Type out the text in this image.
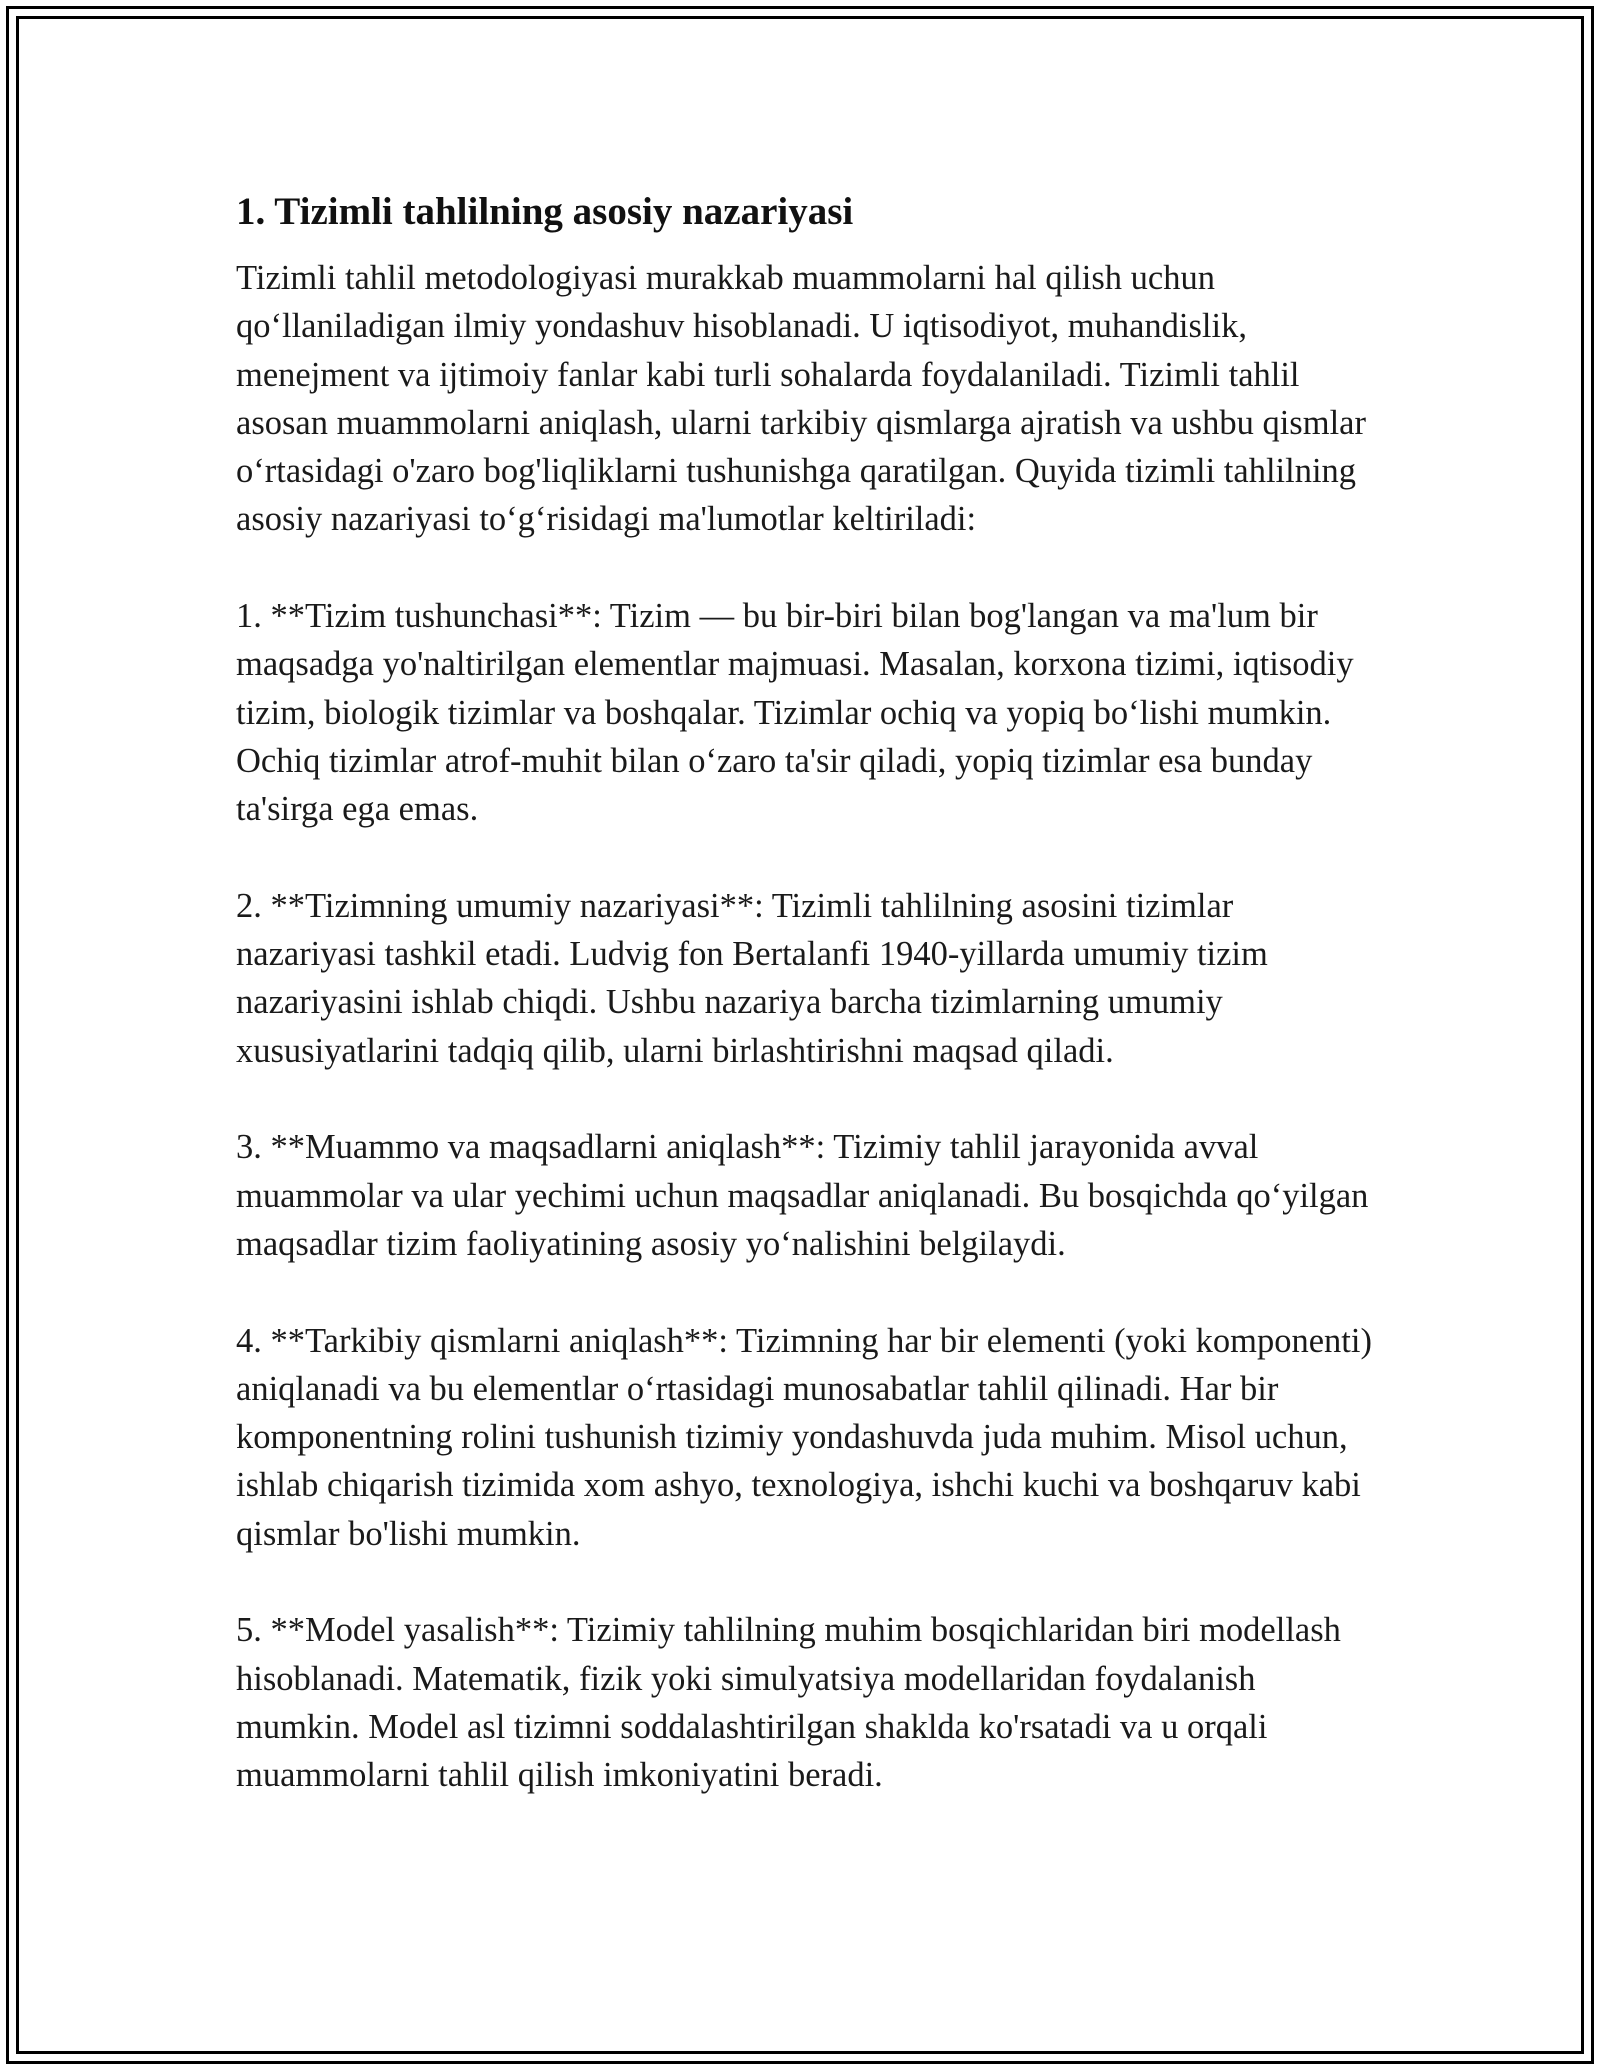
1. Tizimli tahlilning asosiy nazariyasi

Tizimli tahlil metodologiyasi murakkab muammolarni hal qilish uchun qo‘llaniladigan ilmiy yondashuv hisoblanadi. U iqtisodiyot, muhandislik, menejment va ijtimoiy fanlar kabi turli sohalarda foydalaniladi. Tizimli tahlil asosan muammolarni aniqlash, ularni tarkibiy qismlarga ajratish va ushbu qismlar o‘rtasidagi o'zaro bog'liqliklarni tushunishga qaratilgan. Quyida tizimli tahlilning asosiy nazariyasi to‘g‘risidagi ma'lumotlar keltiriladi:

1. **Tizim tushunchasi**: Tizim — bu bir-biri bilan bog'langan va ma'lum bir maqsadga yo'naltirilgan elementlar majmuasi. Masalan, korxona tizimi, iqtisodiy tizim, biologik tizimlar va boshqalar. Tizimlar ochiq va yopiq bo‘lishi mumkin. Ochiq tizimlar atrof-muhit bilan o‘zaro ta'sir qiladi, yopiq tizimlar esa bunday ta'sirga ega emas.

2. **Tizimning umumiy nazariyasi**: Tizimli tahlilning asosini tizimlar nazariyasi tashkil etadi. Ludvig fon Bertalanfi 1940-yillarda umumiy tizim nazariyasini ishlab chiqdi. Ushbu nazariya barcha tizimlarning umumiy xususiyatlarini tadqiq qilib, ularni birlashtirishni maqsad qiladi.

3. **Muammo va maqsadlarni aniqlash**: Tizimiy tahlil jarayonida avval muammolar va ular yechimi uchun maqsadlar aniqlanadi. Bu bosqichda qo‘yilgan maqsadlar tizim faoliyatining asosiy yo‘nalishini belgilaydi.

4. **Tarkibiy qismlarni aniqlash**: Tizimning har bir elementi (yoki komponenti) aniqlanadi va bu elementlar o‘rtasidagi munosabatlar tahlil qilinadi. Har bir komponentning rolini tushunish tizimiy yondashuvda juda muhim. Misol uchun, ishlab chiqarish tizimida xom ashyo, texnologiya, ishchi kuchi va boshqaruv kabi qismlar bo'lishi mumkin.

5. **Model yasalish**: Tizimiy tahlilning muhim bosqichlaridan biri modellash hisoblanadi. Matematik, fizik yoki simulyatsiya modellaridan foydalanish mumkin. Model asl tizimni soddalashtirilgan shaklda ko'rsatadi va u orqali muammolarni tahlil qilish imkoniyatini beradi.
